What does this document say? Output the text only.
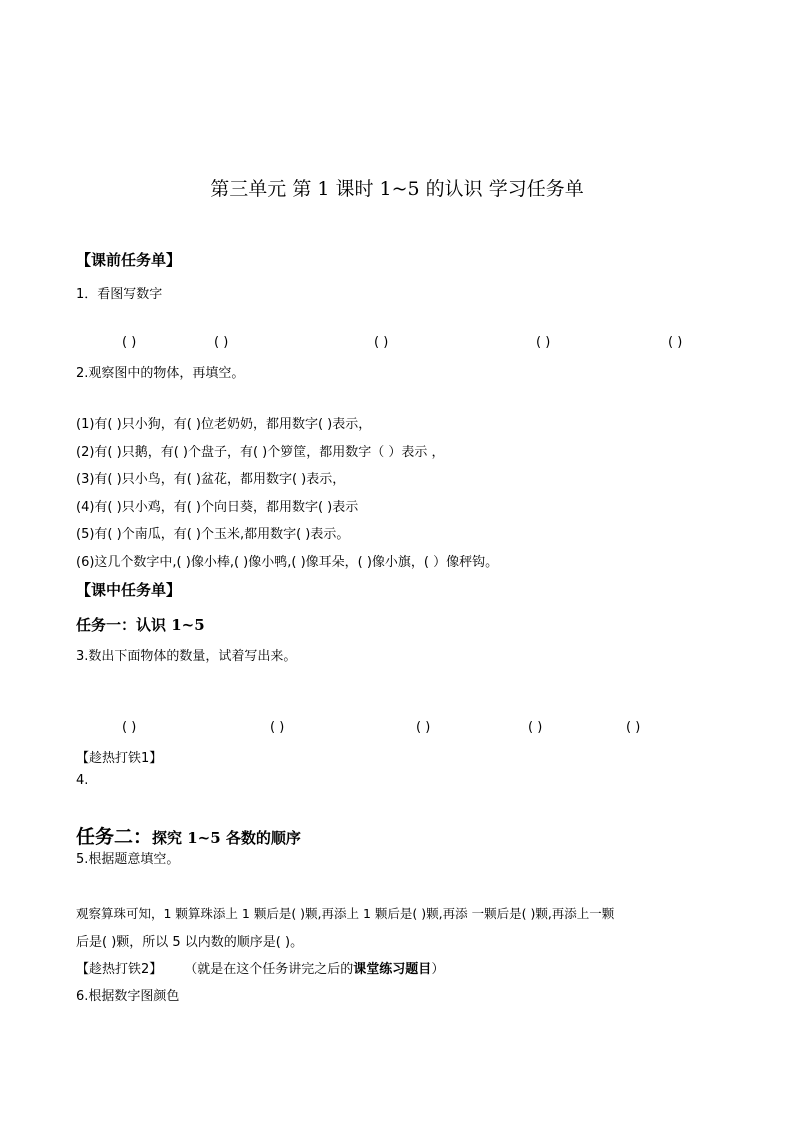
第三单元 第 1 课时 1~5 的认识 学习任务单
【课前任务单】
1．看图写数字
( )	( )	( )	( )	( )
2.观察图中的物体，再填空。
(1)有( )只小狗，有( )位老奶奶，都用数字( )表示，
(2)有( )只鹅，有( )个盘子，有( )个箩筐，都用数字（ ）表示 ，
(3)有( )只小鸟，有( )盆花，都用数字( )表示，
(4)有( )只小鸡，有( )个向日葵，都用数字( )表示
(5)有( )个南瓜，有( )个玉米,都用数字( )表示。
(6)这几个数字中,( )像小棒,( )像小鸭,( )像耳朵，( )像小旗，( ）像秤钩。
【课中任务单】
任务一：认识 1~5
3.数出下面物体的数量，试着写出来。
( )	( )	( )	( )	( )
【趁热打铁1】
4.
任务二：探究 1~5 各数的顺序
5.根据题意填空。
观察算珠可知，1 颗算珠添上 1 颗后是( )颗,再添上 1 颗后是( )颗,再添 一颗后是( )颗,再添上一颗
后是( )颗，所以 5 以内数的顺序是( )。
【趁热打铁2】 （就是在这个任务讲完之后的课堂练习题目）
6.根据数字图颜色
